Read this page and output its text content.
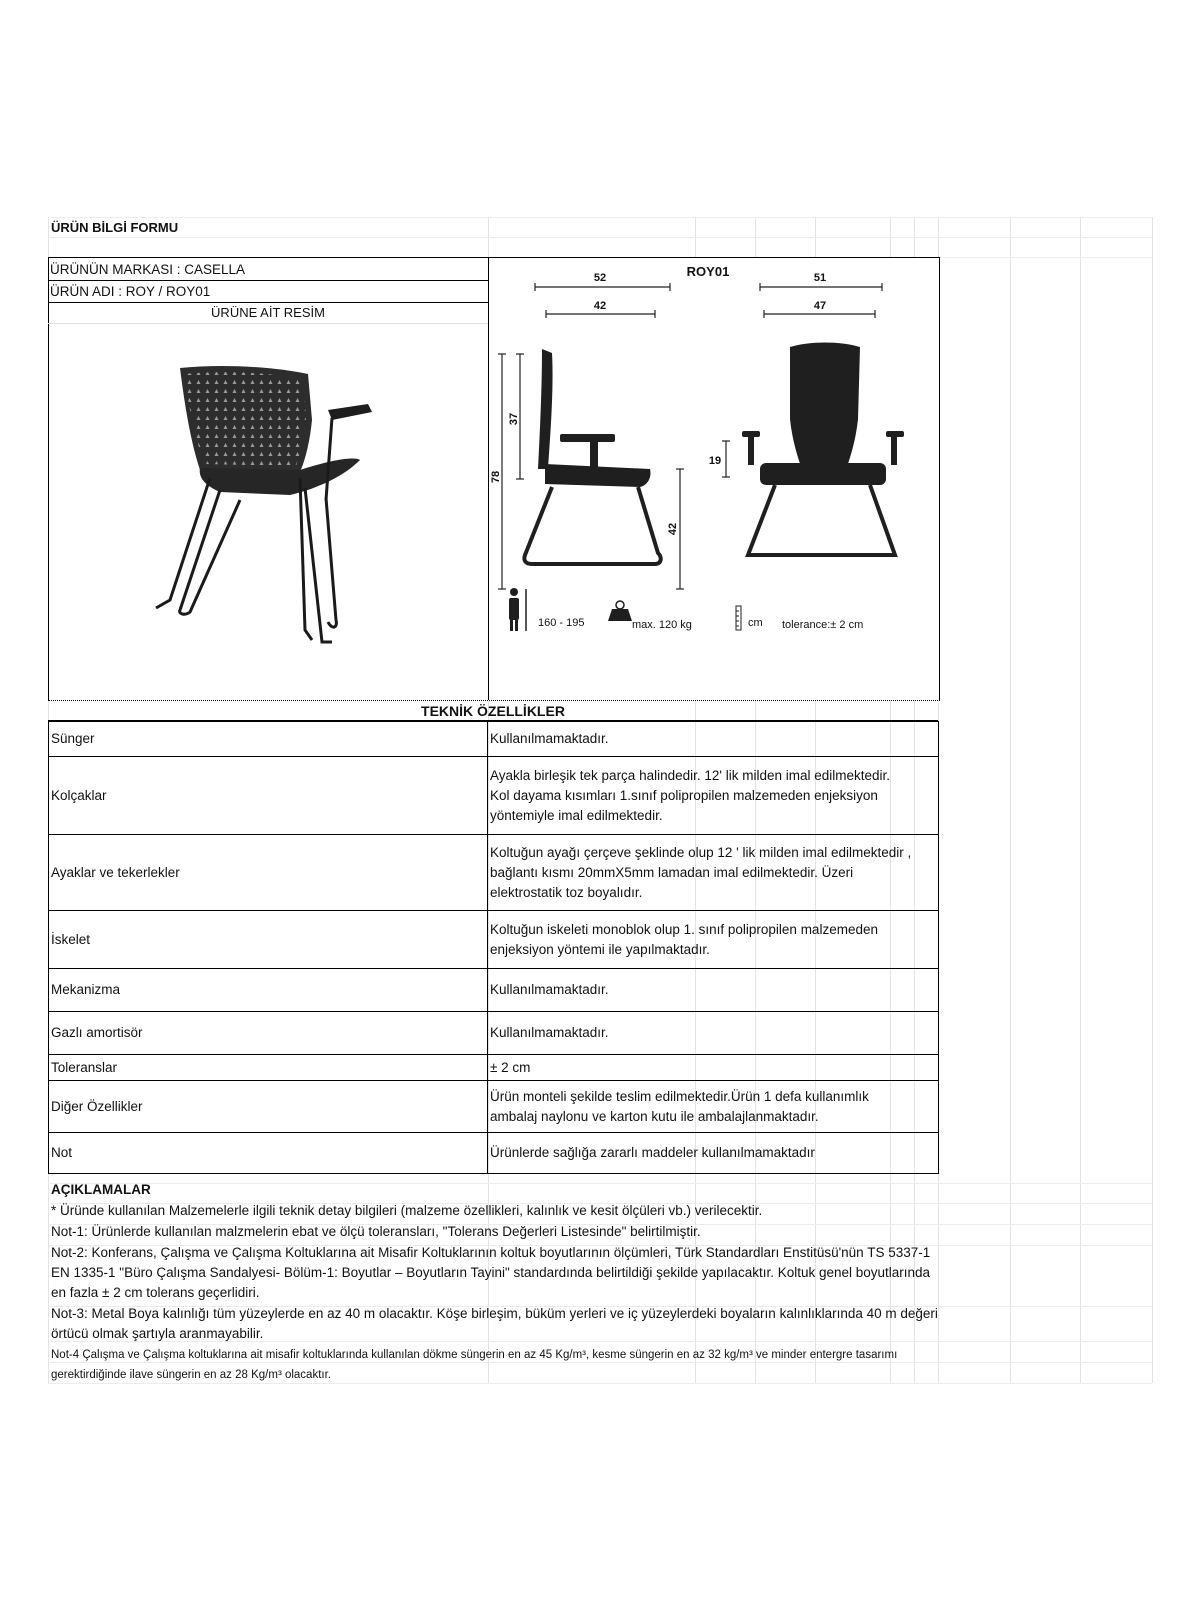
ÜRÜN BİLGİ FORMU
ÜRÜNÜN MARKASI : CASELLA
ÜRÜN ADI : ROY / ROY01
ÜRÜNE AİT RESİM
ROY01
52
42
51
47
37
78
42
19
160 - 195	kg max. 120 kg	cm tolerance:± 2 cm
TEKNİK ÖZELLİKLER
Sünger	Kullanılmamaktadır.

Kolçaklar	Ayakla birleşik tek parça halindedir. 12' lik milden imal edilmektedir.
Kol dayama kısımları 1.sınıf polipropilen malzemeden enjeksiyon
yöntemiyle imal edilmektedir.

Ayaklar ve tekerlekler	Koltuğun ayağı çerçeve şeklinde olup 12 ' lik milden imal edilmektedir ,
bağlantı kısmı 20mmX5mm lamadan imal edilmektedir. Üzeri
elektrostatik toz boyalıdır.

İskelet	Koltuğun iskeleti monoblok olup 1. sınıf polipropilen malzemeden
enjeksiyon yöntemi ile yapılmaktadır.

Mekanizma	Kullanılmamaktadır.

Gazlı amortisör	Kullanılmamaktadır.

Toleranslar	± 2 cm

Diğer Özellikler	Ürün monteli şekilde teslim edilmektedir.Ürün 1 defa kullanımlık
ambalaj naylonu ve karton kutu ile ambalajlanmaktadır.

Not	Ürünlerde sağlığa zararlı maddeler kullanılmamaktadır
AÇIKLAMALAR
* Üründe kullanılan Malzemelerle ilgili teknik detay bilgileri (malzeme özellikleri, kalınlık ve kesit ölçüleri vb.) verilecektir.
Not-1: Ürünlerde kullanılan malzmelerin ebat ve ölçü toleransları, "Tolerans Değerleri Listesinde" belirtilmiştir.
Not-2: Konferans, Çalışma ve Çalışma Koltuklarına ait Misafir Koltuklarının koltuk boyutlarının ölçümleri, Türk Standardları Enstitüsü'nün TS 5337-1 EN 1335-1 "Büro Çalışma Sandalyesi- Bölüm-1: Boyutlar – Boyutların Tayini" standardında belirtildiği şekilde yapılacaktır. Koltuk genel boyutlarında en fazla ± 2 cm tolerans geçerlidiri.
Not-3: Metal Boya kalınlığı tüm yüzeylerde en az 40 m olacaktır. Köşe birleşim, büküm yerleri ve iç yüzeylerdeki boyaların kalınlıklarında 40 m değeri örtücü olmak şartıyla aranmayabilir.
Not-4 Çalışma ve Çalışma koltuklarına ait misafir koltuklarında kullanılan dökme süngerin en az 45 Kg/m³, kesme süngerin en az 32 kg/m³ ve minder entergre tasarımı gerektirdiğinde ilave süngerin en az 28 Kg/m³ olacaktır.
